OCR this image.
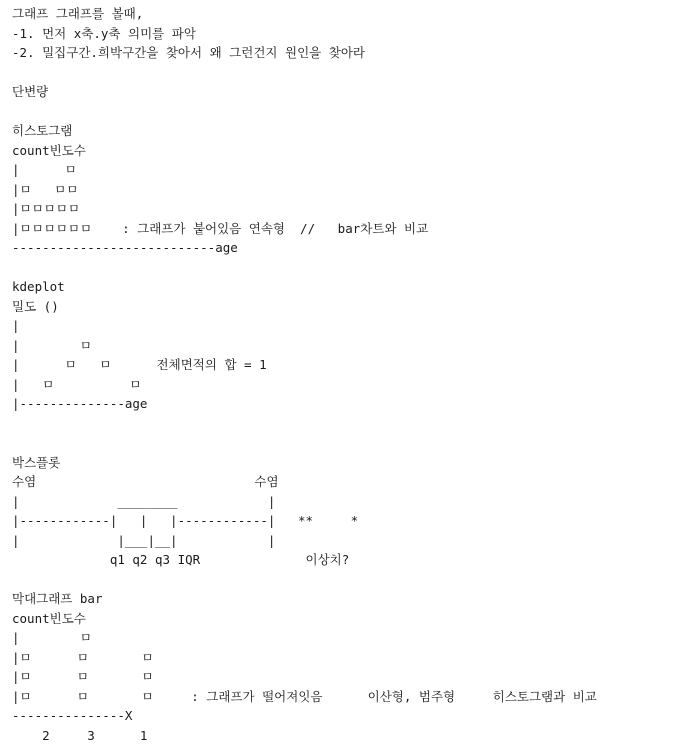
그래프 그래프를 볼때,
-1. 먼저 x축.y축 의미를 파악
-2. 밀집구간.희박구간을 찾아서 왜 그런건지 원인을 찾아라
단변량
히스토그램
count빈도수
|      ㅁ
|ㅁ   ㅁㅁ
|ㅁㅁㅁㅁㅁ
|ㅁㅁㅁㅁㅁㅁ    : 그래프가 붙어있음 연속형  //   bar차트와 비교
---------------------------age
kdeplot
밀도 ()
|
|        ㅁ
|      ㅁ   ㅁ      전체면적의 합 = 1
|   ㅁ          ㅁ
|--------------age
박스플롯
수염                             수염
|             ________            |
|------------|   |   |------------|   **     *
|             |___|__|            |
q1 q2 q3 IQR              이상치?
막대그래프 bar
count빈도수
|        ㅁ
|ㅁ      ㅁ       ㅁ
|ㅁ      ㅁ       ㅁ
|ㅁ      ㅁ       ㅁ     : 그래프가 떨어져잇음      이산형, 범주형     히스토그램과 비교
---------------X
2     3      1
